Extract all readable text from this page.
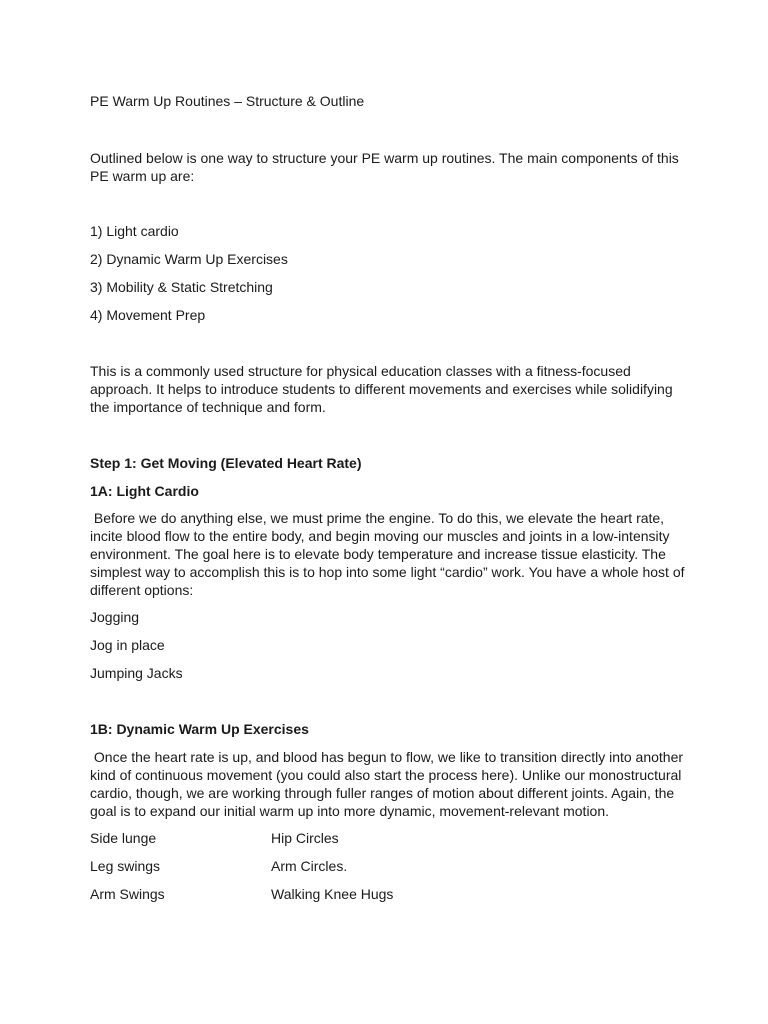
PE Warm Up Routines – Structure & Outline
Outlined below is one way to structure your PE warm up routines. The main components of this PE warm up are:
1) Light cardio
2) Dynamic Warm Up Exercises
3) Mobility & Static Stretching
4) Movement Prep
This is a commonly used structure for physical education classes with a fitness-focused approach. It helps to introduce students to different movements and exercises while solidifying the importance of technique and form.
Step 1: Get Moving (Elevated Heart Rate)
1A: Light Cardio
Before we do anything else, we must prime the engine. To do this, we elevate the heart rate, incite blood flow to the entire body, and begin moving our muscles and joints in a low-intensity environment. The goal here is to elevate body temperature and increase tissue elasticity. The simplest way to accomplish this is to hop into some light “cardio” work. You have a whole host of different options:
Jogging
Jog in place
Jumping Jacks
1B: Dynamic Warm Up Exercises
Once the heart rate is up, and blood has begun to flow, we like to transition directly into another kind of continuous movement (you could also start the process here). Unlike our monostructural cardio, though, we are working through fuller ranges of motion about different joints. Again, the goal is to expand our initial warm up into more dynamic, movement-relevant motion.
Side lunge	Hip Circles
Leg swings	Arm Circles.
Arm Swings	Walking Knee Hugs
